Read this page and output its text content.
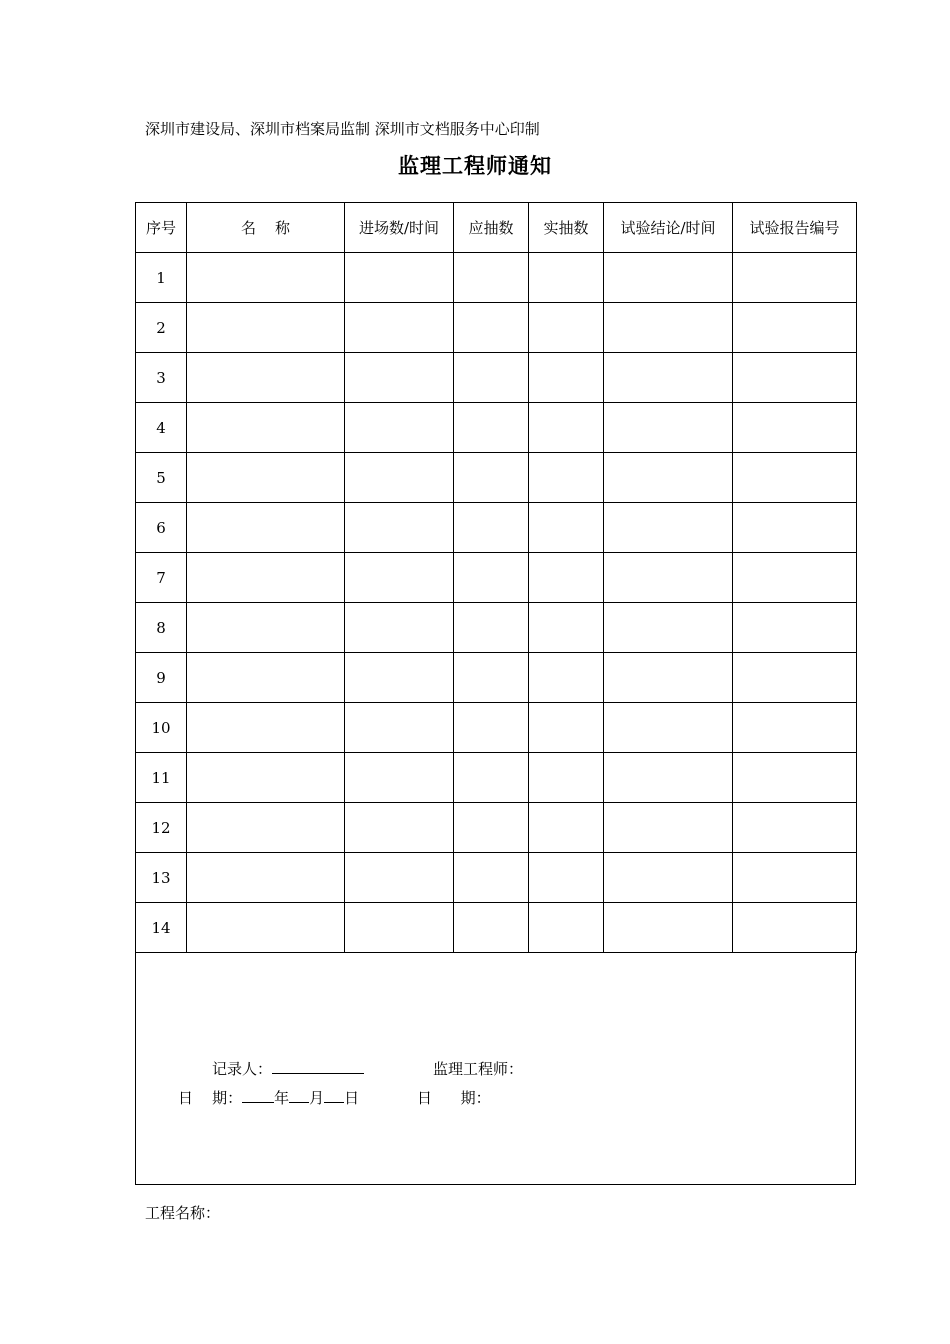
深圳市建设局、深圳市档案局监制 深圳市文档服务中心印制
监理工程师通知
序号	名    称	进场数/时间	应抽数	实抽数	试验结论/时间	试验报告编号
1						
2						
3						
4						
5						
6						
7						
8						
9						
10						
11						
12						
13						
14						
记录人：	监理工程师：
日    期： 年 月 日	日      期：
工程名称：
